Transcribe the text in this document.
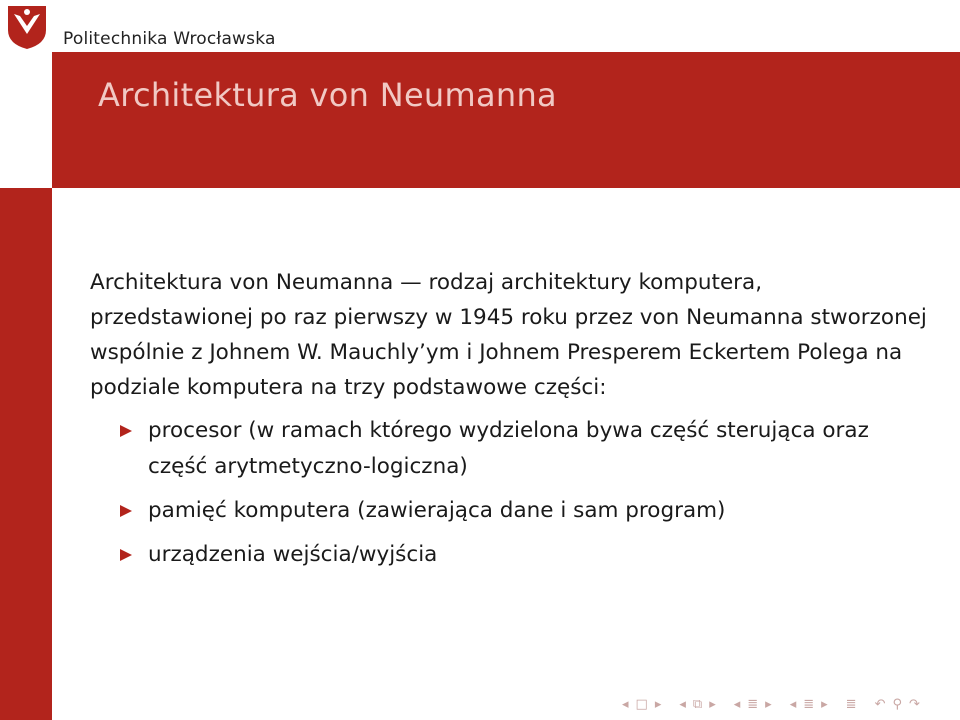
Politechnika Wrocławska
Architektura von Neumanna

Architektura von Neumanna — rodzaj architektury komputera, przedstawionej po raz pierwszy w 1945 roku przez von Neumanna stworzonej wspólnie z Johnem W. Mauchly’ym i Johnem Presperem Eckertem Polega na podziale komputera na trzy podstawowe części:

procesor (w ramach którego wydzielona bywa część sterująca oraz część arytmetyczno-logiczna)
pamięć komputera (zawierająca dane i sam program)
urządzenia wejścia/wyjścia
◂ □ ▸ ◂ ⧉ ▸ ◂ ≣ ▸ ◂ ≣ ▸ ≣ ↶ ⚲ ↷
